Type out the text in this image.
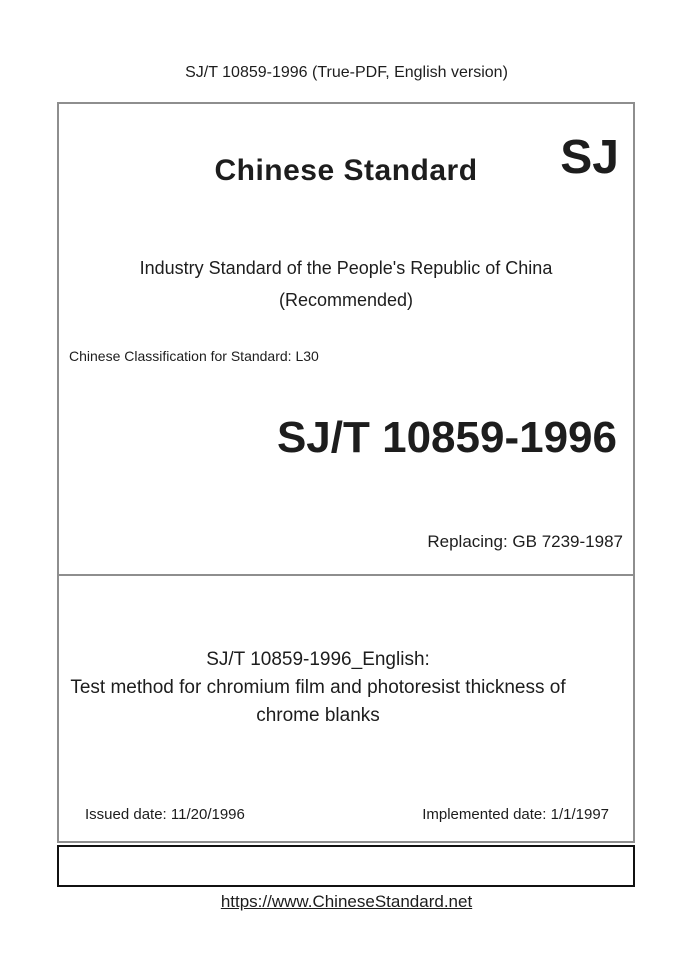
SJ/T 10859-1996 (True-PDF, English version)
Chinese Standard	SJ
Industry Standard of the People's Republic of China
(Recommended)
Chinese Classification for Standard: L30
SJ/T 10859-1996
Replacing: GB 7239-1987
SJ/T 10859-1996_English:
Test method for chromium film and photoresist thickness of
chrome blanks
Issued date: 11/20/1996	Implemented date: 1/1/1997
https://www.ChineseStandard.net
